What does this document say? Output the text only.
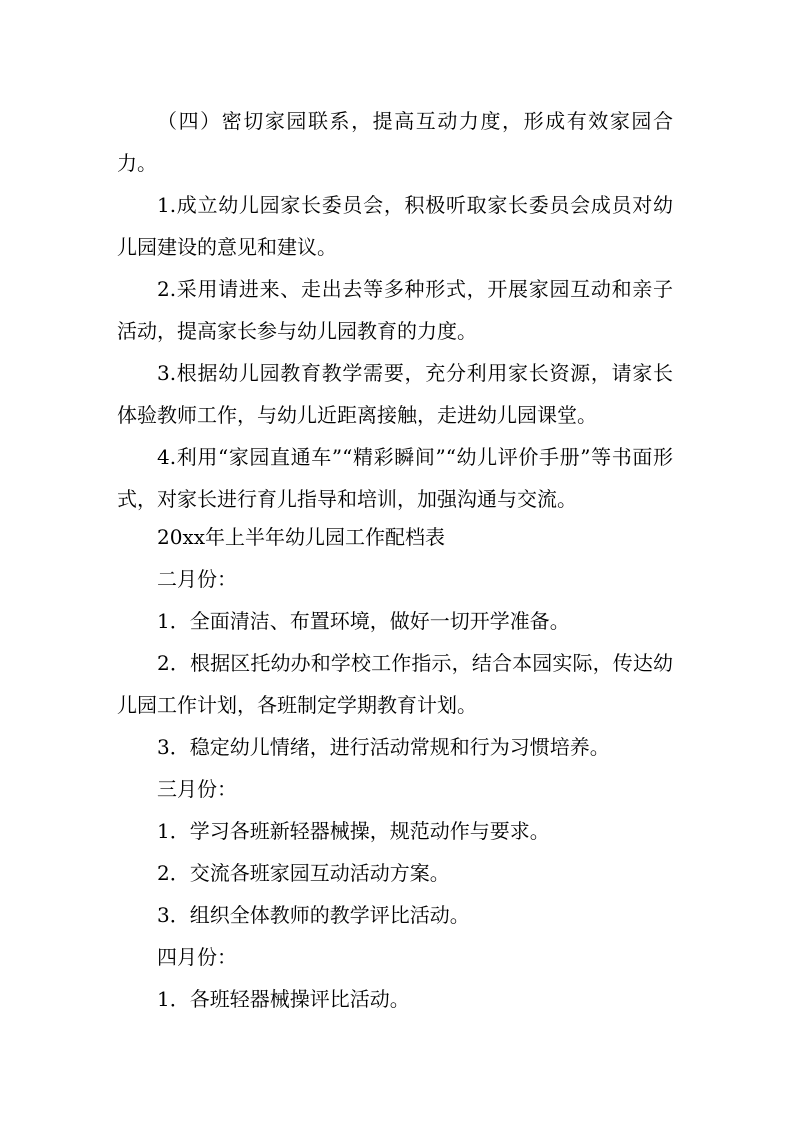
（四）密切家园联系，提高互动力度，形成有效家园合力。

1.成立幼儿园家长委员会，积极听取家长委员会成员对幼儿园建设的意见和建议。

2.采用请进来、走出去等多种形式，开展家园互动和亲子活动，提高家长参与幼儿园教育的力度。

3.根据幼儿园教育教学需要，充分利用家长资源，请家长体验教师工作，与幼儿近距离接触，走进幼儿园课堂。

4.利用“家园直通车”“精彩瞬间”“幼儿评价手册”等书面形式，对家长进行育儿指导和培训，加强沟通与交流。

20xx年上半年幼儿园工作配档表

二月份：

1．全面清洁、布置环境，做好一切开学准备。

2．根据区托幼办和学校工作指示，结合本园实际，传达幼儿园工作计划，各班制定学期教育计划。

3．稳定幼儿情绪，进行活动常规和行为习惯培养。

三月份：

1．学习各班新轻器械操，规范动作与要求。

2．交流各班家园互动活动方案。

3．组织全体教师的教学评比活动。

四月份：

1．各班轻器械操评比活动。
